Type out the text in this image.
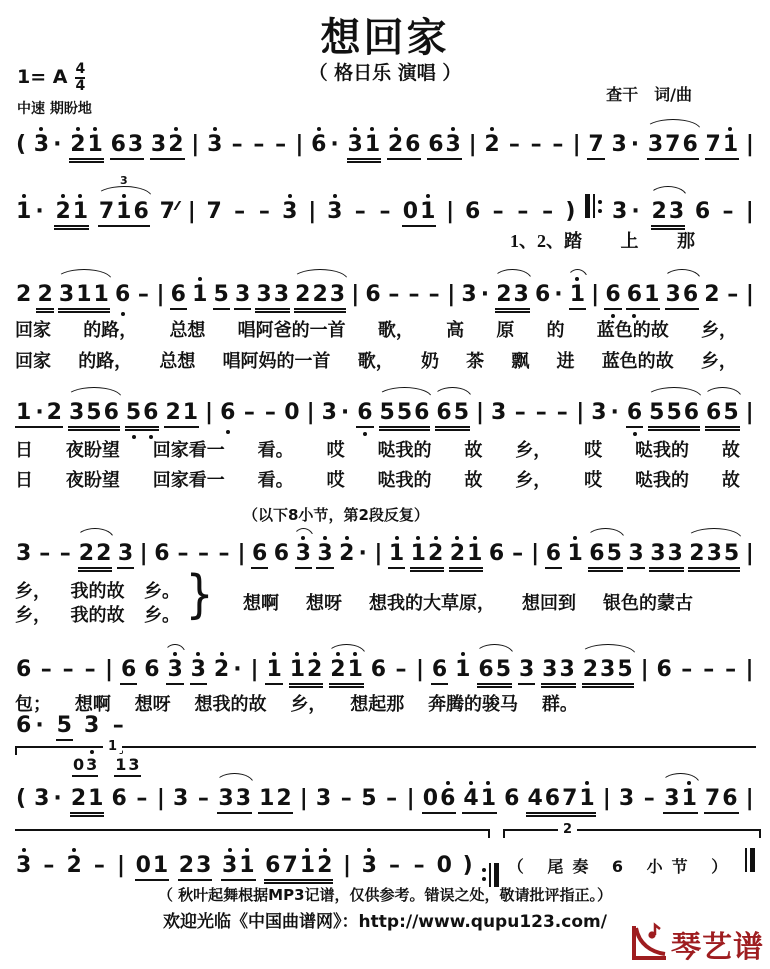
想回家
（ 格日乐 演唱 ）
查干　词/曲
1= A $\frac{4}{4}$
中速 期盼地
( 3 · 21 63 32 | 3 – – – | 6 · 31 26 63 | 2 – – – | 7 3 · 376 71 |
1 · 21 716
3
7⁄⁄ | 7 – – 3 | 3 – – 01 | 6 – – – ) 3 · 23 6 – |
2 2 311 6 – | 6 1 5 3 33 223 | 6 – – – | 3 · 23 6 · 1 | 6 61 36 2 – |
1 · 2 356 56 21 | 6 – – 0 | 3 · 6 556 65 | 3 – – – | 3 · 6 556 65 |
3 – – 22 3 | 6 – – – | 6 6 3 3 2 · | 1 12 21 6 – | 6 1 65 3 33 235 |
6 – – – | 6 6 3 3 2 · | 1 12 21 6 – | 6 1 65 3 33 235 | 6 – – – |
6 · 5 3 –
0 3 1 3
( 3 · 21 6 – | 3 – 33 12 | 3 – 5 – | 06 41 6 4671 | 3 – 31 76 |
3 – 2 – | 01 23 31 6712 | 3 – – 0 ) （ 尾奏 6 小节 ）
1、2、踏 上 那
回家 的路， 总想 唱阿爸的一首 歌， 高 原 的 蓝色的故 乡，
回家 的路， 总想 唱阿妈的一首 歌， 奶 茶 飘 进 蓝色的故 乡，
日 夜盼望 回家看一 看。 哎 哒我的 故 乡， 哎 哒我的 故
日 夜盼望 回家看一 看。 哎 哒我的 故 乡， 哎 哒我的 故
乡， 我的故 乡。
乡， 我的故 乡。
想啊 想呀 想我的大草原， 想回到 银色的蒙古
包； 想啊 想呀 想我的故 乡， 想起那 奔腾的骏马 群。
1
2
}
（以下8小节，第2段反复）
（ 秋叶起舞根据MP3记谱，仅供参考。错误之处，敬请批评指正。）
欢迎光临《中国曲谱网》：http://www.qupu123.com/
琴艺谱
